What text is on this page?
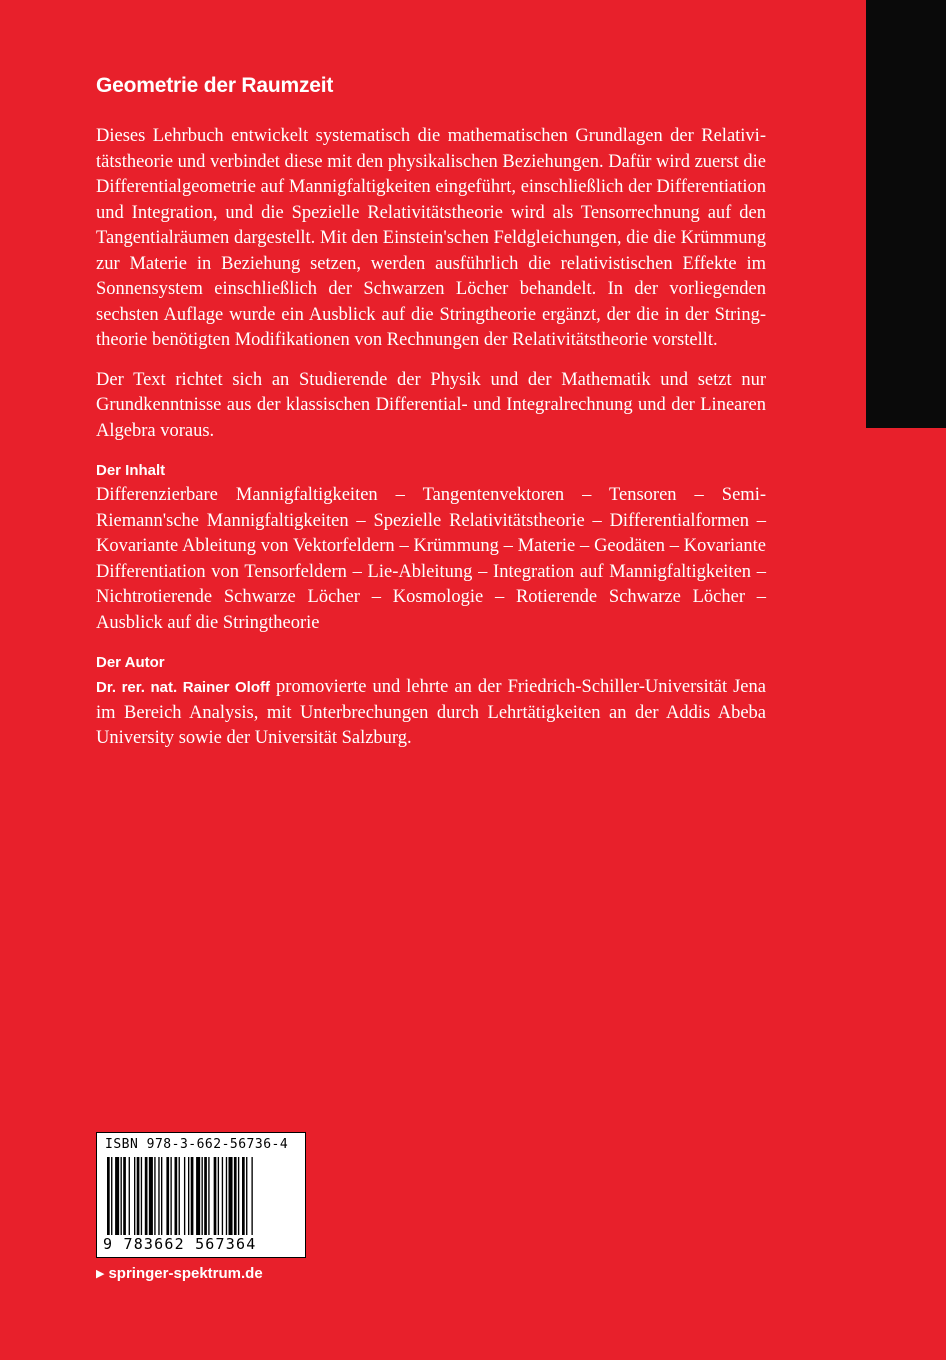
Geometrie der Raumzeit

Dieses Lehrbuch entwickelt systematisch die mathematischen Grundlagen der Relativitätstheorie und verbindet diese mit den physikalischen Beziehungen. Dafür wird zuerst die Differentialgeometrie auf Mannigfaltigkeiten eingeführt, einschließlich der Differentiation und Integration, und die Spezielle Relativitätstheorie wird als Tensorrechnung auf den Tangentialräumen dargestellt. Mit den Einstein'schen Feldgleichungen, die die Krümmung zur Materie in Beziehung setzen, werden ausführlich die relativistischen Effekte im Sonnensystem einschließlich der Schwarzen Löcher behandelt. In der vorliegenden sechsten Auflage wurde ein Ausblick auf die Stringtheorie ergänzt, der die in der Stringtheorie benötigten Modifikationen von Rechnungen der Relativitätstheorie vorstellt.

Der Text richtet sich an Studierende der Physik und der Mathematik und setzt nur Grundkenntnisse aus der klassischen Differential- und Integralrechnung und der Linearen Algebra voraus.

Der Inhalt

Differenzierbare Mannigfaltigkeiten – Tangentenvektoren – Tensoren – Semi-Riemann'sche Mannigfaltigkeiten – Spezielle Relativitätstheorie – Differentialformen – Kovariante Ableitung von Vektorfeldern – Krümmung – Materie – Geodäten – Kovariante Differentiation von Tensorfeldern – Lie-Ableitung – Integration auf Mannigfaltigkeiten – Nichtrotierende Schwarze Löcher – Kosmologie – Rotierende Schwarze Löcher – Ausblick auf die Stringtheorie

Der Autor

Dr. rer. nat. Rainer Oloff promovierte und lehrte an der Friedrich-Schiller-Universität Jena im Bereich Analysis, mit Unterbrechungen durch Lehrtätigkeiten an der Addis Abeba University sowie der Universität Salzburg.

ISBN 978-3-662-56736-4
9 783662 567364
▶ springer-spektrum.de
